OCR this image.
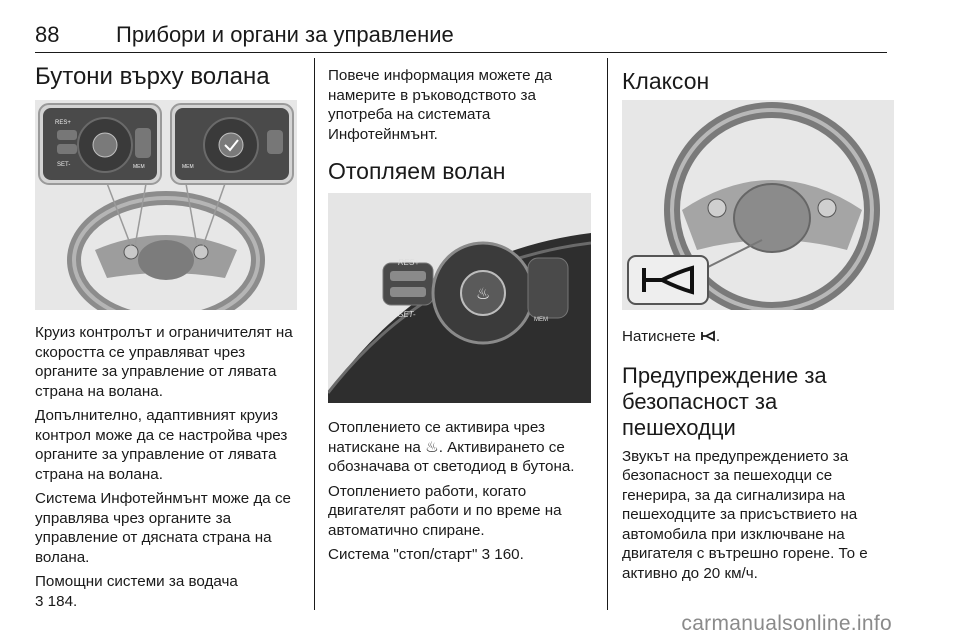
88	Прибори и органи за управление
Бутони върху волана
RES+
SET-	MEM	MEM

Круиз контролът и ограничителят на скоростта се управляват чрез органите за управление от лявата страна на волана.

Допълнително, адаптивният круиз контрол може да се настройва чрез органите за управление от лявата страна на волана.

Система Инфотейнмънт може да се управлява чрез органите за управление от дясната страна на волана.

Помощни системи за водача

3 184.

Повече информация можете да намерите в ръководството за употреба на системата Инфотейнмънт.

Отопляем волан
RES+
SET-
♨
MEM

Отоплението се активира чрез натискане на ♨. Активирането се обозначава от светодиод в бутона.

Отоплението работи, когато двигателят работи и по време на автоматично спиране.

Система "стоп/старт" 3 160.

Клаксон

Натиснете .

Предупреждение за безопасност за пешеходци

Звукът на предупреждението за безопасност за пешеходци се генерира, за да сигнализира на пешеходците за присъствието на автомобила при изключване на двигателя с вътрешно горене. То е активно до 20 км/ч.

carmanualsonline.info
